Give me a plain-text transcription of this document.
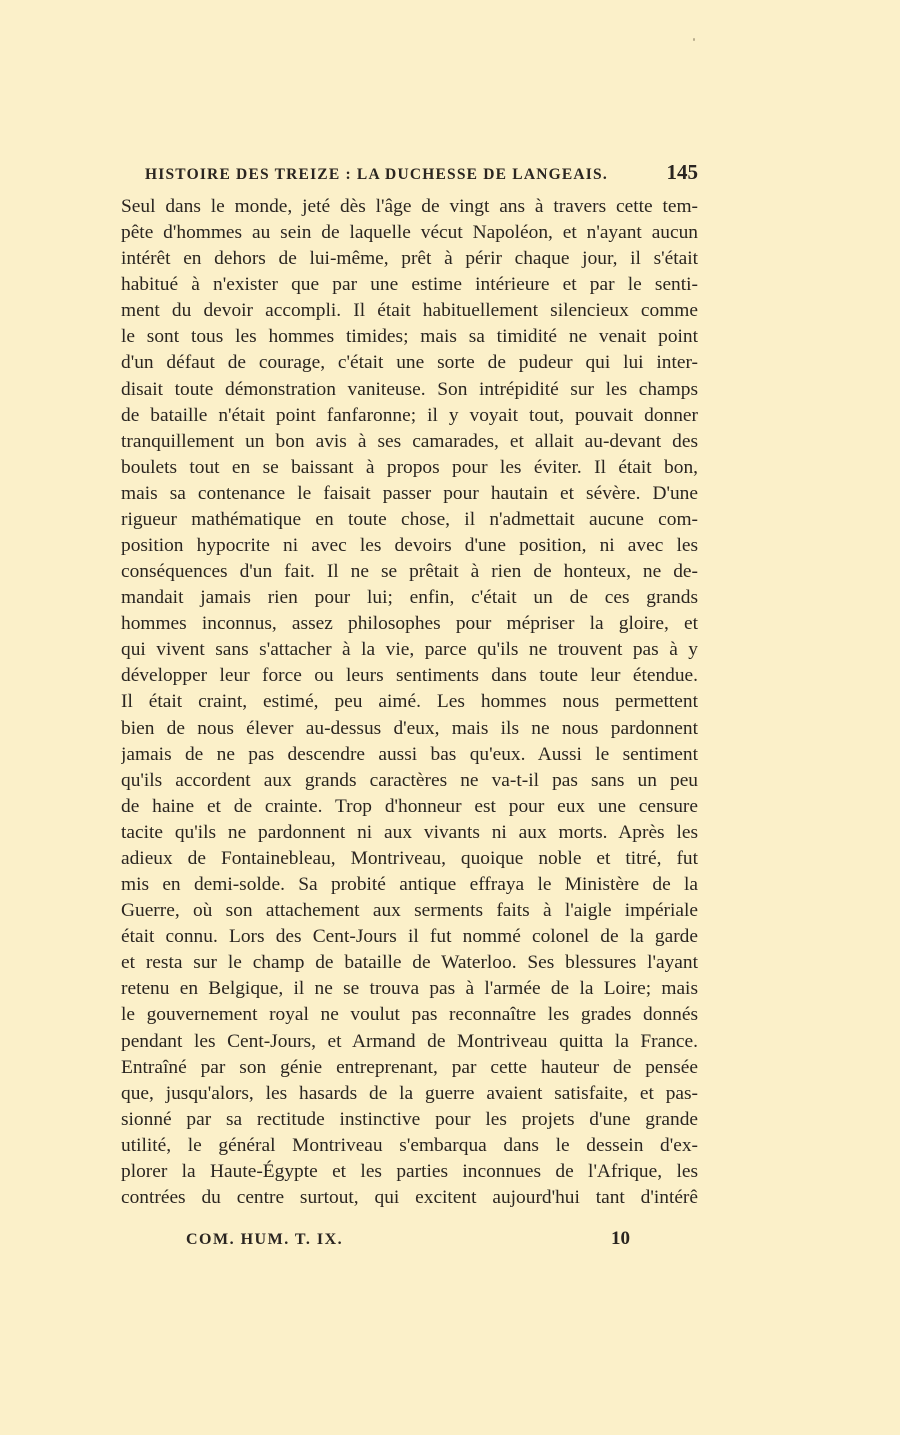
HISTOIRE DES TREIZE : LA DUCHESSE DE LANGEAIS.	145
Seul dans le monde, jeté dès l'âge de vingt ans à travers cette tem-
pête d'hommes au sein de laquelle vécut Napoléon, et n'ayant aucun
intérêt en dehors de lui-même, prêt à périr chaque jour, il s'était
habitué à n'exister que par une estime intérieure et par le senti-
ment du devoir accompli. Il était habituellement silencieux comme
le sont tous les hommes timides; mais sa timidité ne venait point
d'un défaut de courage, c'était une sorte de pudeur qui lui inter-
disait toute démonstration vaniteuse. Son intrépidité sur les champs
de bataille n'était point fanfaronne; il y voyait tout, pouvait donner
tranquillement un bon avis à ses camarades, et allait au-devant des
boulets tout en se baissant à propos pour les éviter. Il était bon,
mais sa contenance le faisait passer pour hautain et sévère. D'une
rigueur mathématique en toute chose, il n'admettait aucune com-
position hypocrite ni avec les devoirs d'une position, ni avec les
conséquences d'un fait. Il ne se prêtait à rien de honteux, ne de-
mandait jamais rien pour lui; enfin, c'était un de ces grands
hommes inconnus, assez philosophes pour mépriser la gloire, et
qui vivent sans s'attacher à la vie, parce qu'ils ne trouvent pas à y
développer leur force ou leurs sentiments dans toute leur étendue.
Il était craint, estimé, peu aimé. Les hommes nous permettent
bien de nous élever au-dessus d'eux, mais ils ne nous pardonnent
jamais de ne pas descendre aussi bas qu'eux. Aussi le sentiment
qu'ils accordent aux grands caractères ne va-t-il pas sans un peu
de haine et de crainte. Trop d'honneur est pour eux une censure
tacite qu'ils ne pardonnent ni aux vivants ni aux morts. Après les
adieux de Fontainebleau, Montriveau, quoique noble et titré, fut
mis en demi-solde. Sa probité antique effraya le Ministère de la
Guerre, où son attachement aux serments faits à l'aigle impériale
était connu. Lors des Cent-Jours il fut nommé colonel de la garde
et resta sur le champ de bataille de Waterloo. Ses blessures l'ayant
retenu en Belgique, il ne se trouva pas à l'armée de la Loire; mais
le gouvernement royal ne voulut pas reconnaître les grades donnés
pendant les Cent-Jours, et Armand de Montriveau quitta la France.
Entraîné par son génie entreprenant, par cette hauteur de pensée
que, jusqu'alors, les hasards de la guerre avaient satisfaite, et pas-
sionné par sa rectitude instinctive pour les projets d'une grande
utilité, le général Montriveau s'embarqua dans le dessein d'ex-
plorer la Haute-Égypte et les parties inconnues de l'Afrique, les
contrées du centre surtout, qui excitent aujourd'hui tant d'intérê
COM. HUM. T. IX.	10
